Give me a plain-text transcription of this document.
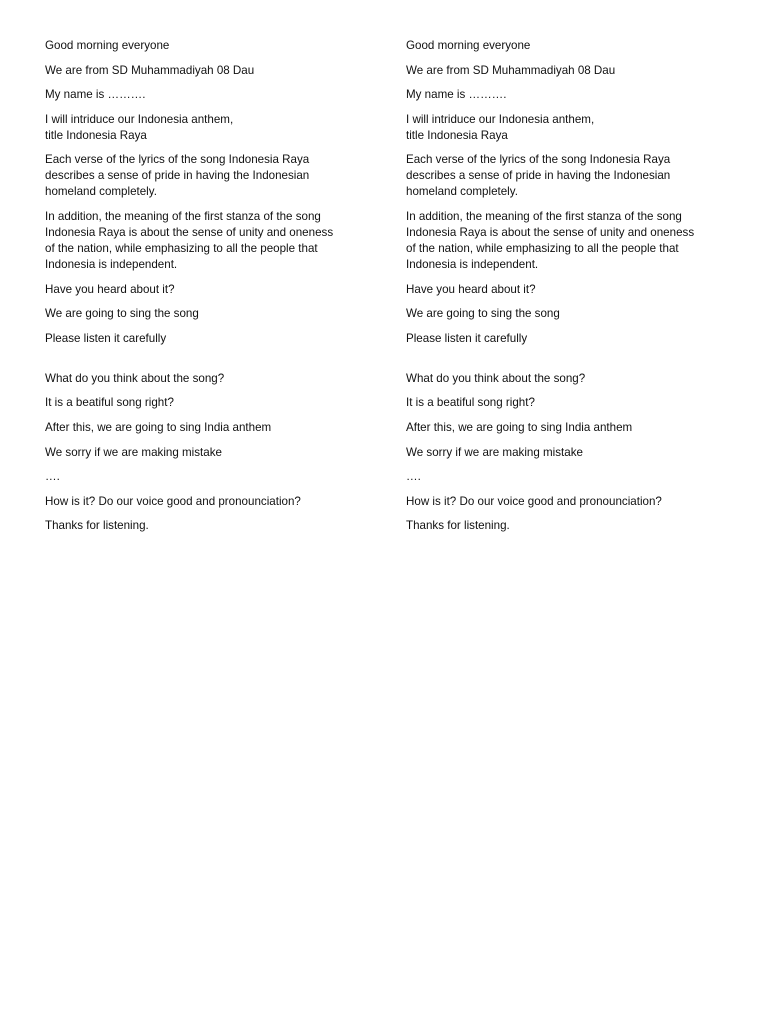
Good morning everyone

We are from SD Muhammadiyah 08 Dau

My name is ……….

I will intriduce our Indonesia anthem,
title Indonesia Raya

Each verse of the lyrics of the song Indonesia Raya
describes a sense of pride in having the Indonesian
homeland completely.

In addition, the meaning of the first stanza of the song
Indonesia Raya is about the sense of unity and oneness
of the nation, while emphasizing to all the people that
Indonesia is independent.

Have you heard about it?

We are going to sing the song

Please listen it carefully

What do you think about the song?

It is a beatiful song right?

After this, we are going to sing India anthem

We sorry if we are making mistake

….

How is it? Do our voice good and pronounciation?

Thanks for listening.

Good morning everyone

We are from SD Muhammadiyah 08 Dau

My name is ……….

I will intriduce our Indonesia anthem,
title Indonesia Raya

Each verse of the lyrics of the song Indonesia Raya
describes a sense of pride in having the Indonesian
homeland completely.

In addition, the meaning of the first stanza of the song
Indonesia Raya is about the sense of unity and oneness
of the nation, while emphasizing to all the people that
Indonesia is independent.

Have you heard about it?

We are going to sing the song

Please listen it carefully

What do you think about the song?

It is a beatiful song right?

After this, we are going to sing India anthem

We sorry if we are making mistake

….

How is it? Do our voice good and pronounciation?

Thanks for listening.
